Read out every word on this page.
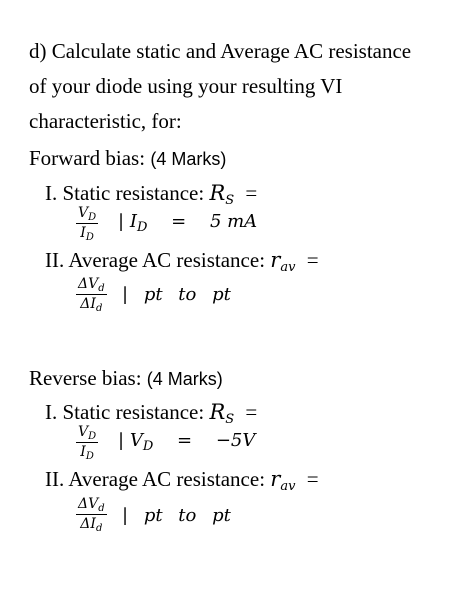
d) Calculate static and Average AC resistance
of your diode using your resulting VI
characteristic, for:
Forward bias: (4 Marks)
I. Static resistance: $R_S$ =
$\frac{V_D}{I_D}$ | $I_D = 5$ mA
II. Average AC resistance: $r_{av}$ =
$\Delta V_d$
$\Delta I_d$
| pt to pt
Reverse bias: (4 Marks)
I. Static resistance: $R_S$ =
$\frac{V_D}{I_D}$ | $V_D = -5V$
II. Average AC resistance: $r_{av}$ =
$\Delta V_d$
$\Delta I_d$
| pt to pt
